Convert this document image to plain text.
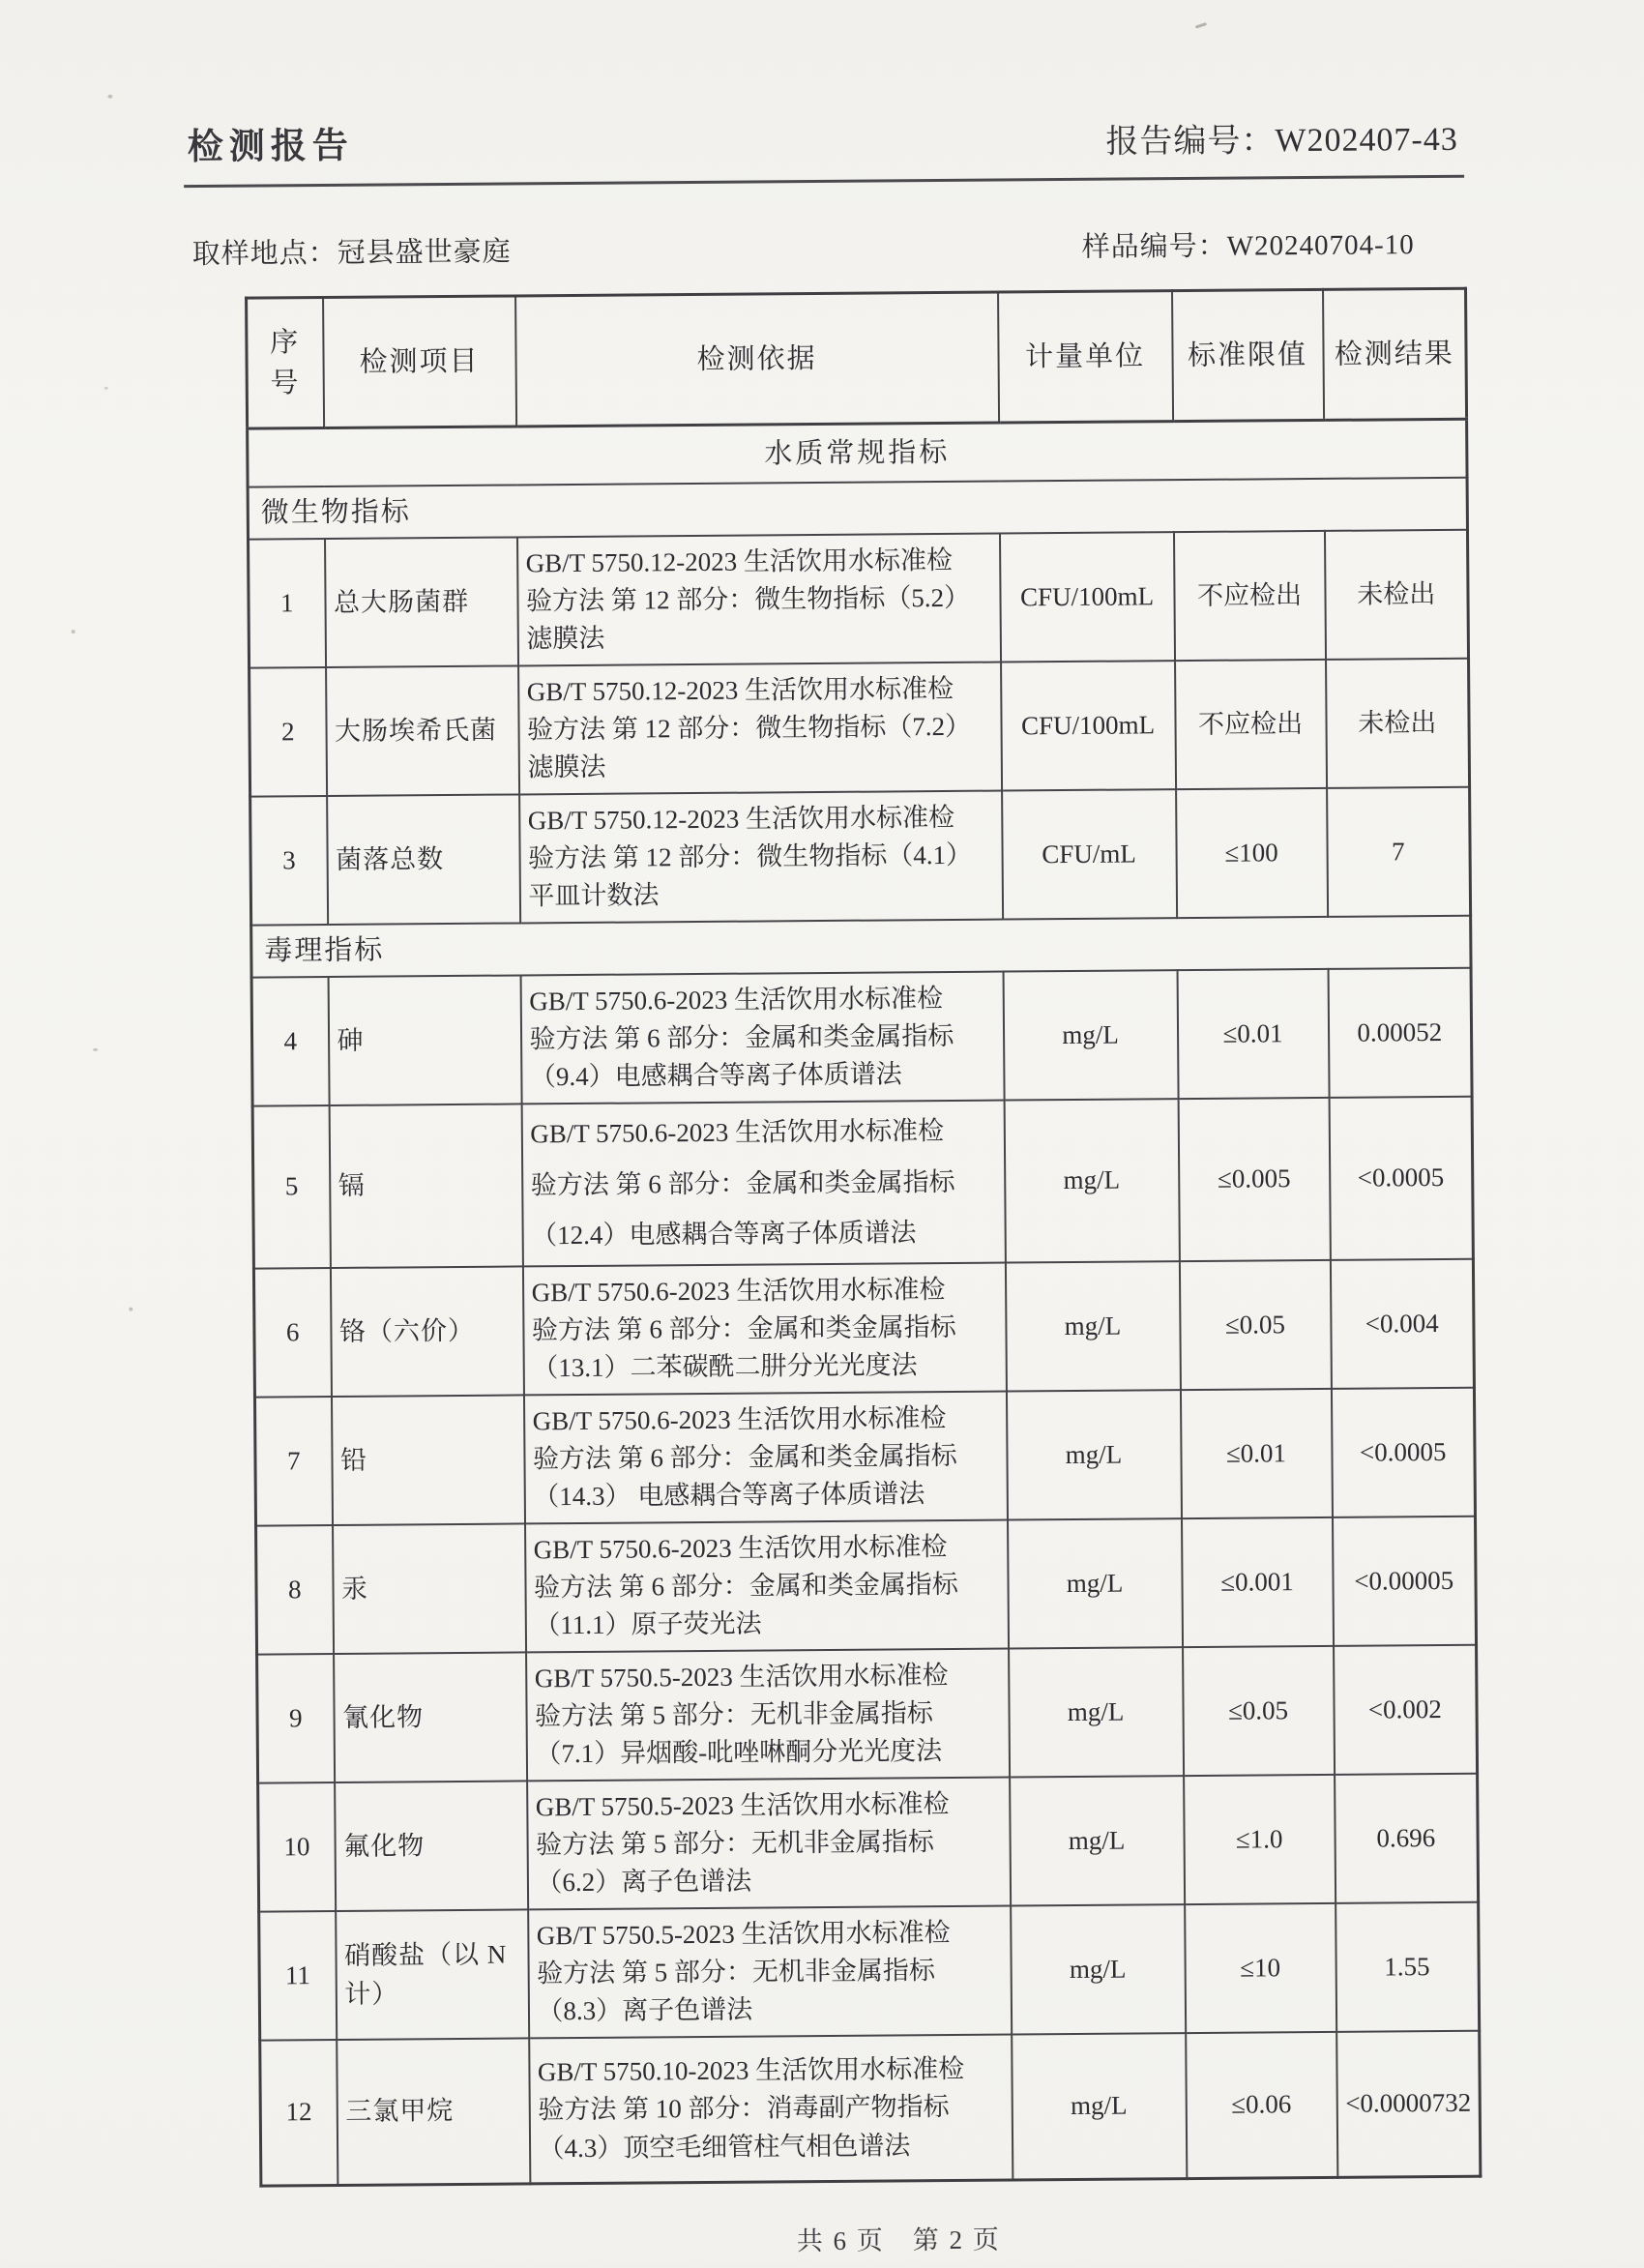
检测报告	报告编号：W202407-43
取样地点：冠县盛世豪庭	样品编号：W20240704-10
序号	检测项目	检测依据	计量单位	标准限值	检测结果
水质常规指标					
微生物指标					
1	总大肠菌群	GB/T 5750.12-2023 生活饮用水标准检
验方法 第 12 部分：微生物指标（5.2）
滤膜法	CFU/100mL	不应检出	未检出
2	大肠埃希氏菌	GB/T 5750.12-2023 生活饮用水标准检
验方法 第 12 部分：微生物指标（7.2）
滤膜法	CFU/100mL	不应检出	未检出
3	菌落总数	GB/T 5750.12-2023 生活饮用水标准检
验方法 第 12 部分：微生物指标（4.1）
平皿计数法	CFU/mL	≤100	7
毒理指标					
4	砷	GB/T 5750.6-2023 生活饮用水标准检
验方法 第 6 部分：金属和类金属指标
（9.4）电感耦合等离子体质谱法	mg/L	≤0.01	0.00052
5	镉	GB/T 5750.6-2023 生活饮用水标准检
验方法 第 6 部分：金属和类金属指标
（12.4）电感耦合等离子体质谱法	mg/L	≤0.005	<0.0005
6	铬（六价）	GB/T 5750.6-2023 生活饮用水标准检
验方法 第 6 部分：金属和类金属指标
（13.1）二苯碳酰二肼分光光度法	mg/L	≤0.05	<0.004
7	铅	GB/T 5750.6-2023 生活饮用水标准检
验方法 第 6 部分：金属和类金属指标
（14.3） 电感耦合等离子体质谱法	mg/L	≤0.01	<0.0005
8	汞	GB/T 5750.6-2023 生活饮用水标准检
验方法 第 6 部分：金属和类金属指标
（11.1）原子荧光法	mg/L	≤0.001	<0.00005
9	氰化物	GB/T 5750.5-2023 生活饮用水标准检
验方法 第 5 部分：无机非金属指标
（7.1）异烟酸-吡唑啉酮分光光度法	mg/L	≤0.05	<0.002
10	氟化物	GB/T 5750.5-2023 生活饮用水标准检
验方法 第 5 部分：无机非金属指标
（6.2）离子色谱法	mg/L	≤1.0	0.696
11	硝酸盐（以 N
计）	GB/T 5750.5-2023 生活饮用水标准检
验方法 第 5 部分：无机非金属指标
（8.3）离子色谱法	mg/L	≤10	1.55
12	三氯甲烷	GB/T 5750.10-2023 生活饮用水标准检
验方法 第 10 部分：消毒副产物指标
（4.3）顶空毛细管柱气相色谱法	mg/L	≤0.06	<0.0000732
共 6 页　第 2 页
